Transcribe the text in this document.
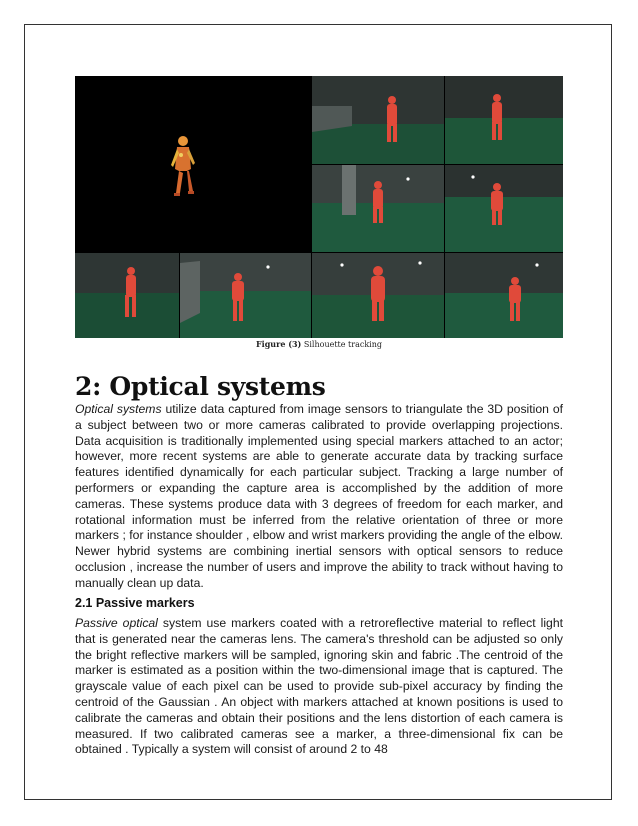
Figure (3) Silhouette tracking
2: Optical systems

Optical systems utilize data captured from image sensors to triangulate the 3D position of a subject between two or more cameras calibrated to provide overlapping projections. Data acquisition is traditionally implemented using special markers attached to an actor; however, more recent systems are able to generate accurate data by tracking surface features identified dynamically for each particular subject. Tracking a large number of performers or expanding the capture area is accomplished by the addition of more cameras. These systems produce data with 3 degrees of freedom for each marker, and rotational information must be inferred from the relative orientation of three or more markers ; for instance shoulder , elbow and wrist markers providing the angle of the elbow. Newer hybrid systems are combining inertial sensors with optical sensors to reduce occlusion , increase the number of users and improve the ability to track without having to manually clean up data.

2.1 Passive markers

Passive optical system use markers coated with a retroreflective material to reflect light that is generated near the cameras lens. The camera's threshold can be adjusted so only the bright reflective markers will be sampled, ignoring skin and fabric .The centroid of the marker is estimated as a position within the two-dimensional image that is captured. The grayscale value of each pixel can be used to provide sub-pixel accuracy by finding the centroid of the Gaussian . An object with markers attached at known positions is used to calibrate the cameras and obtain their positions and the lens distortion of each camera is measured. If two calibrated cameras see a marker, a three-dimensional fix can be obtained . Typically a system will consist of around 2 to 48
